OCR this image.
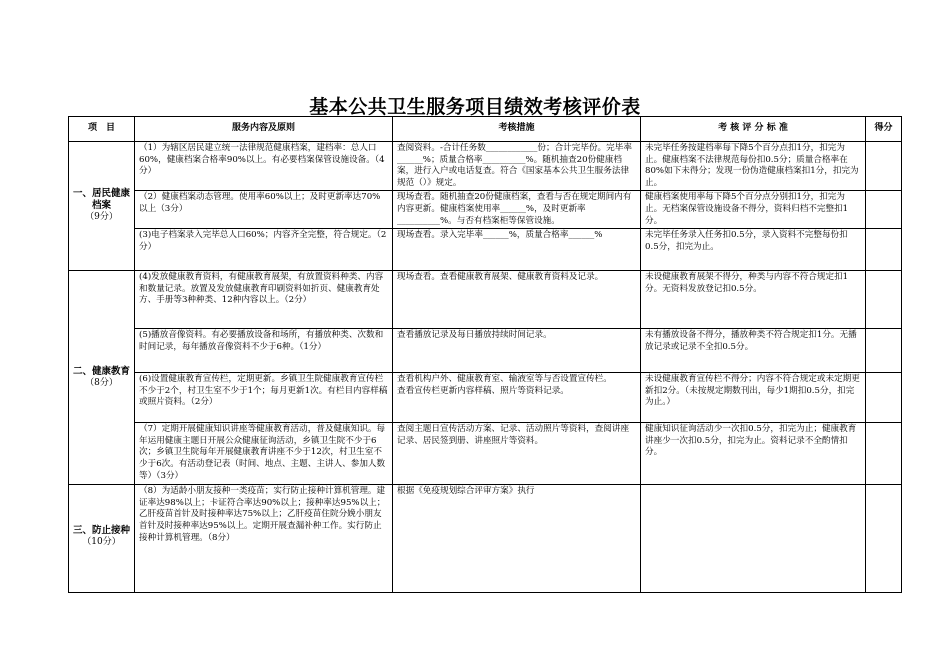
基本公共卫生服务项目绩效考核评价表
项　目	服务内容及原则	考核措施	考 核 评 分 标 准	得分

一、居民健康档案
（9分）	（1）为辖区居民建立统一法律规范健康档案，建档率：总人口60%，健康档案合格率90%以上。有必要档案保管设施设备。（4分）	查阅资料。-合计任务数____________份；合计完毕份。完毕率______%；质量合格率__________%。随机抽查20份健康档案，进行入户或电话复查。符合《国家基本公共卫生服务法律规范（）》规定。	未完毕任务按建档率每下降5个百分点扣1分，扣完为止。健康档案不法律规范每份扣0.5分；质量合格率在80%如下未得分；发现一份伪造健康档案扣1分，扣完为止。	
	（2）健康档案动态管理。使用率60%以上；及时更新率达70%以上（3分）	现场查看。随机抽查20份健康档案，查看与否在规定期间内有内容更新。健康档案使用率______%，及时更新率__________%。与否有档案柜等保管设施。	健康档案使用率每下降5个百分点分别扣1分，扣完为止。无档案保管设施设备不得分，资料归档不完整扣1分。	
	(3)电子档案录入完毕总人口60%；内容齐全完整，符合规定。（2分）	现场查看。录入完毕率______%，质量合格率______%	未完毕任务录入任务扣0.5分，录入资料不完整每份扣0.5分，扣完为止。	

二、健康教育
（8分）	(4)发放健康教育资料，有健康教育展架，有放置资料种类、内容和数量记录。放置及发放健康教育印刷资料如折页、健康教育处方、手册等3种种类、12种内容以上。（2分）	现场查看。查看健康教育展架、健康教育资料及记录。	未设健康教育展架不得分，种类与内容不符合规定扣1分。无资料发放登记扣0.5分。	
	(5)播放音像资料。有必要播放设备和场所，有播放种类、次数和时间记录，每年播放音像资料不少于6种。（1分）	查看播放记录及每日播放持续时间记录。	未有播放设备不得分，播放种类不符合规定扣1分。无播放记录或记录不全扣0.5分。	
	(6)设置健康教育宣传栏，定期更新。乡镇卫生院健康教育宣传栏不少于2个，村卫生室不少于1个；每月更新1次。有栏目内容样稿或照片资料。（2分）	查看机构户外、健康教育室、输液室等与否设置宣传栏。
查看宣传栏更新内容样稿、照片等资料记录。	未设健康教育宣传栏不得分；内容不符合规定或未定期更新扣2分。（未按规定期数刊出，每少1期扣0.5分，扣完为止。）	
	（7）定期开展健康知识讲座等健康教育活动，普及健康知识。每年运用健康主题日开展公众健康征询活动，乡镇卫生院不少于6次；乡镇卫生院每年开展健康教育讲座不少于12次，村卫生室不少于6次。有活动登记表（时间、地点、主题、主讲人、参加人数等）（3分）	查阅主题日宣传活动方案、记录、活动照片等资料，查阅讲座记录、居民签到册、讲座照片等资料。	健康知识征询活动少一次扣0.5分，扣完为止；健康教育讲座少一次扣0.5分，扣完为止。资料记录不全酌情扣分。	

三、防止接种
（10分）	（8）为适龄小朋友接种一类疫苗；实行防止接种计算机管理。建证率达98%以上；卡证符合率达90%以上；接种率达95%以上；乙肝疫苗首针及时接种率达75%以上；乙肝疫苗住院分娩小朋友首针及时接种率达95%以上。定期开展查漏补种工作。实行防止接种计算机管理。（8分）	根据《免疫规划综合评审方案》执行		
